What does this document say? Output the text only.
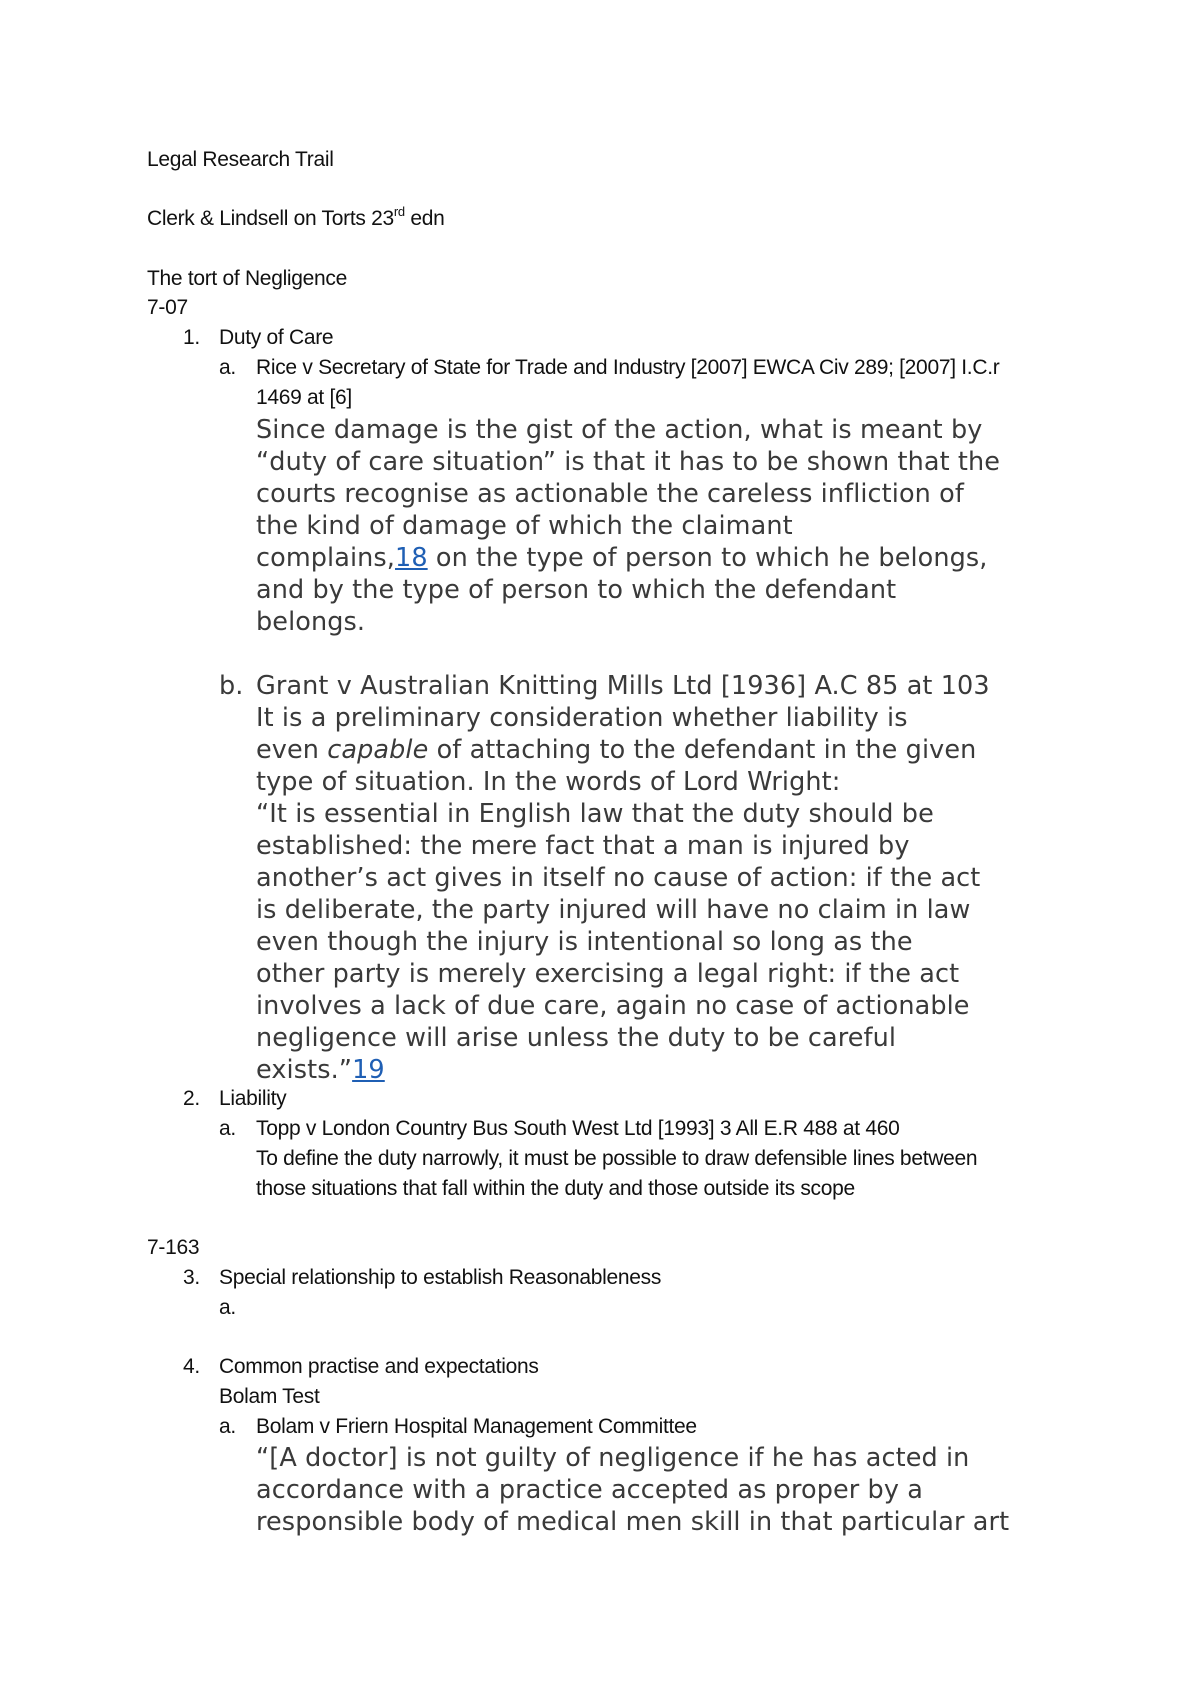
Legal Research Trail
Clerk & Lindsell on Torts 23rd edn
The tort of Negligence
7-07
1. Duty of Care
a. Rice v Secretary of State for Trade and Industry [2007] EWCA Civ 289; [2007] I.C.r
1469 at [6]
Since damage is the gist of the action, what is meant by
“duty of care situation” is that it has to be shown that the
courts recognise as actionable the careless infliction of
the kind of damage of which the claimant
complains,18 on the type of person to which he belongs,
and by the type of person to which the defendant
belongs.
b. Grant v Australian Knitting Mills Ltd [1936] A.C 85 at 103
It is a preliminary consideration whether liability is
even capable of attaching to the defendant in the given
type of situation. In the words of Lord Wright:
“It is essential in English law that the duty should be
established: the mere fact that a man is injured by
another’s act gives in itself no cause of action: if the act
is deliberate, the party injured will have no claim in law
even though the injury is intentional so long as the
other party is merely exercising a legal right: if the act
involves a lack of due care, again no case of actionable
negligence will arise unless the duty to be careful
exists.”19
2. Liability
a. Topp v London Country Bus South West Ltd [1993] 3 All E.R 488 at 460
To define the duty narrowly, it must be possible to draw defensible lines between
those situations that fall within the duty and those outside its scope
7-163
3. Special relationship to establish Reasonableness
a.
4. Common practise and expectations
Bolam Test
a. Bolam v Friern Hospital Management Committee
“[A doctor] is not guilty of negligence if he has acted in
accordance with a practice accepted as proper by a
responsible body of medical men skill in that particular art
